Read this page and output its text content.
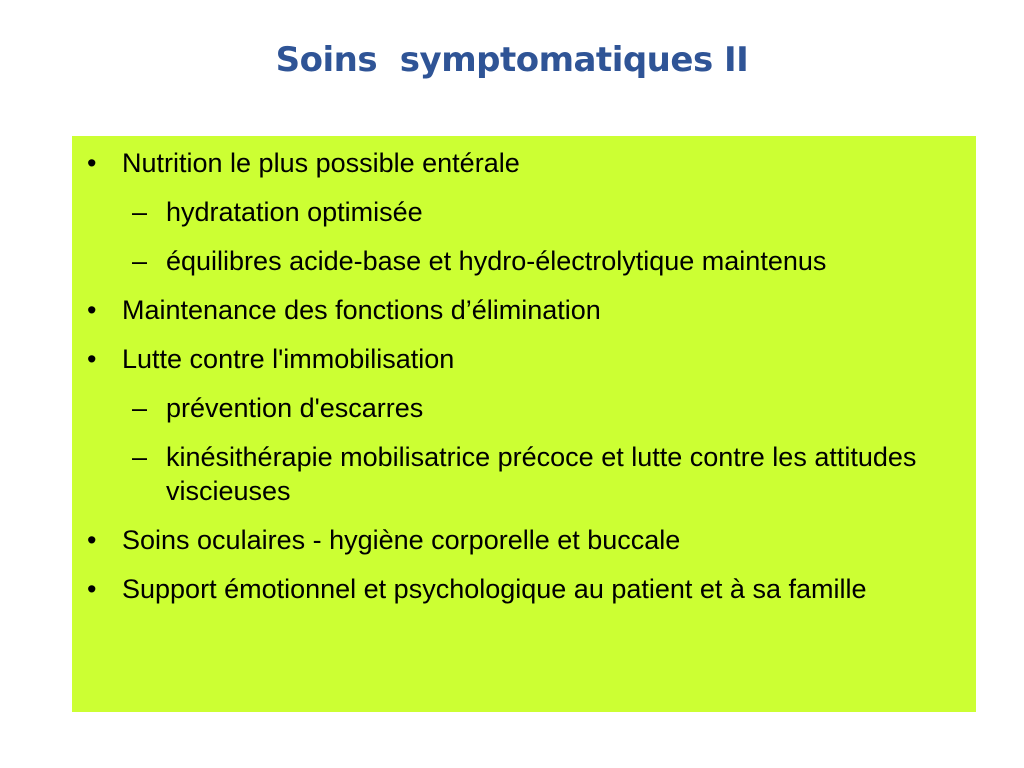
Soins  symptomatiques II
• Nutrition le plus possible entérale
– hydratation optimisée
– équilibres acide-base et hydro-électrolytique maintenus
• Maintenance des fonctions d’élimination
• Lutte contre l'immobilisation
– prévention d'escarres
– kinésithérapie mobilisatrice précoce et lutte contre les attitudes viscieuses
• Soins oculaires - hygiène corporelle et buccale
• Support émotionnel et psychologique au patient et à sa famille
